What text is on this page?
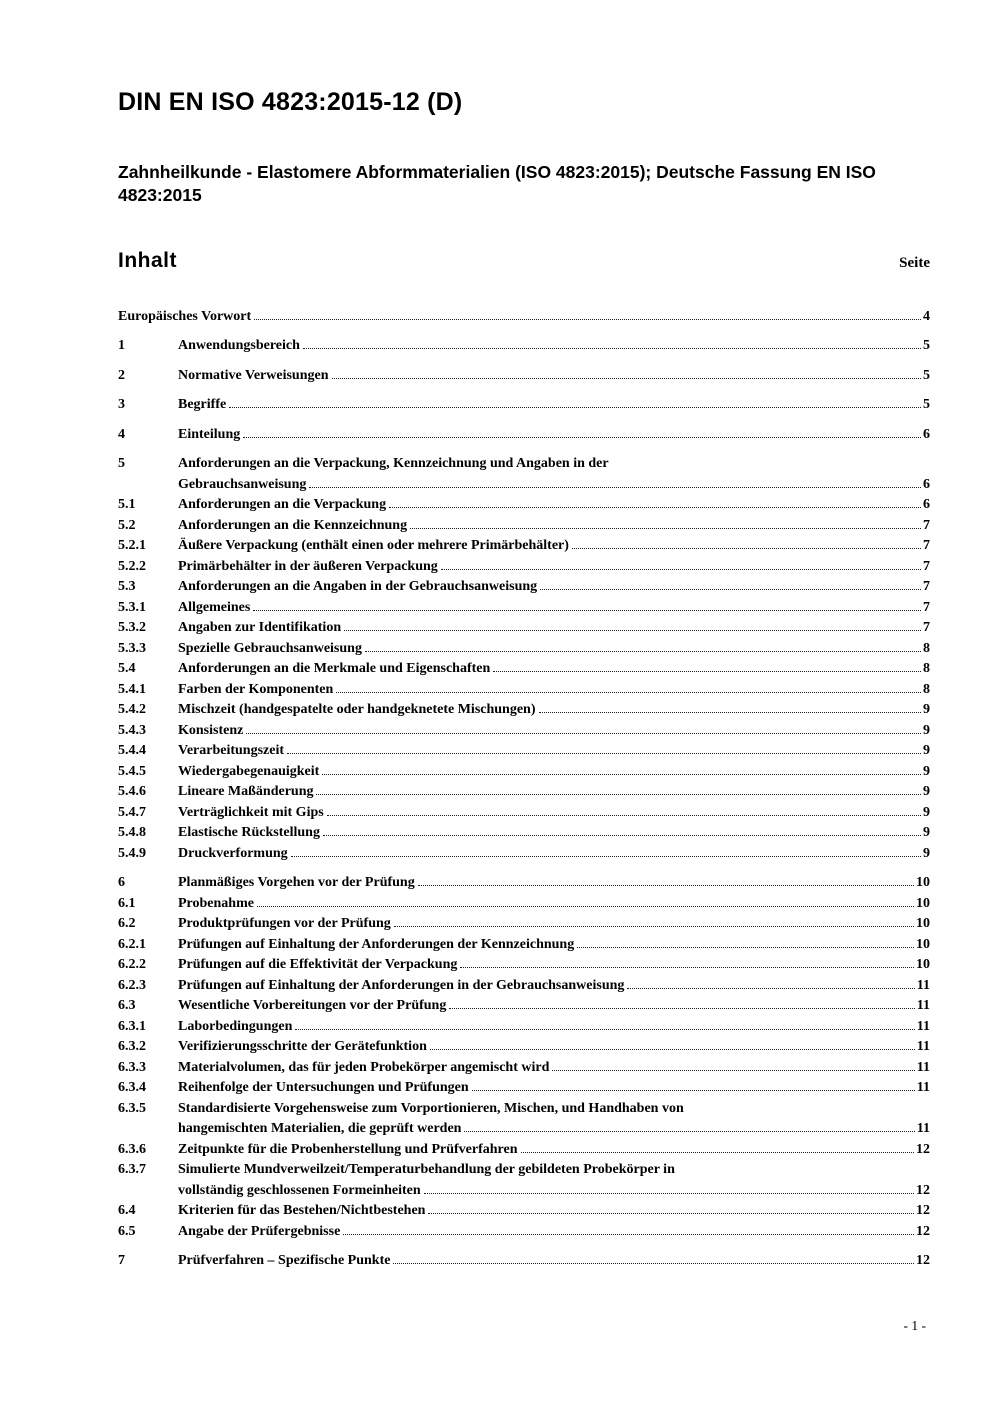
DIN EN ISO 4823:2015-12 (D)
Zahnheilkunde - Elastomere Abformmaterialien (ISO 4823:2015); Deutsche Fassung EN ISO 4823:2015
Inhalt	Seite
Europäisches Vorwort	4
1	Anwendungsbereich	5
2	Normative Verweisungen	5
3	Begriffe	5
4	Einteilung	6
5	Anforderungen an die Verpackung, Kennzeichnung und Angaben in der
Gebrauchsanweisung	6
5.1	Anforderungen an die Verpackung	6
5.2	Anforderungen an die Kennzeichnung	7
5.2.1	Äußere Verpackung (enthält einen oder mehrere Primärbehälter)	7
5.2.2	Primärbehälter in der äußeren Verpackung	7
5.3	Anforderungen an die Angaben in der Gebrauchsanweisung	7
5.3.1	Allgemeines	7
5.3.2	Angaben zur Identifikation	7
5.3.3	Spezielle Gebrauchsanweisung	8
5.4	Anforderungen an die Merkmale und Eigenschaften	8
5.4.1	Farben der Komponenten	8
5.4.2	Mischzeit (handgespatelte oder handgeknetete Mischungen)	9
5.4.3	Konsistenz	9
5.4.4	Verarbeitungszeit	9
5.4.5	Wiedergabegenauigkeit	9
5.4.6	Lineare Maßänderung	9
5.4.7	Verträglichkeit mit Gips	9
5.4.8	Elastische Rückstellung	9
5.4.9	Druckverformung	9
6	Planmäßiges Vorgehen vor der Prüfung	10
6.1	Probenahme	10
6.2	Produktprüfungen vor der Prüfung	10
6.2.1	Prüfungen auf Einhaltung der Anforderungen der Kennzeichnung	10
6.2.2	Prüfungen auf die Effektivität der Verpackung	10
6.2.3	Prüfungen auf Einhaltung der Anforderungen in der Gebrauchsanweisung	11
6.3	Wesentliche Vorbereitungen vor der Prüfung	11
6.3.1	Laborbedingungen	11
6.3.2	Verifizierungsschritte der Gerätefunktion	11
6.3.3	Materialvolumen, das für jeden Probekörper angemischt wird	11
6.3.4	Reihenfolge der Untersuchungen und Prüfungen	11
6.3.5	Standardisierte Vorgehensweise zum Vorportionieren, Mischen, und Handhaben von
hangemischten Materialien, die geprüft werden	11
6.3.6	Zeitpunkte für die Probenherstellung und Prüfverfahren	12
6.3.7	Simulierte Mundverweilzeit/Temperaturbehandlung der gebildeten Probekörper in
vollständig geschlossenen Formeinheiten	12
6.4	Kriterien für das Bestehen/Nichtbestehen	12
6.5	Angabe der Prüfergebnisse	12
7	Prüfverfahren – Spezifische Punkte	12
- 1 -
